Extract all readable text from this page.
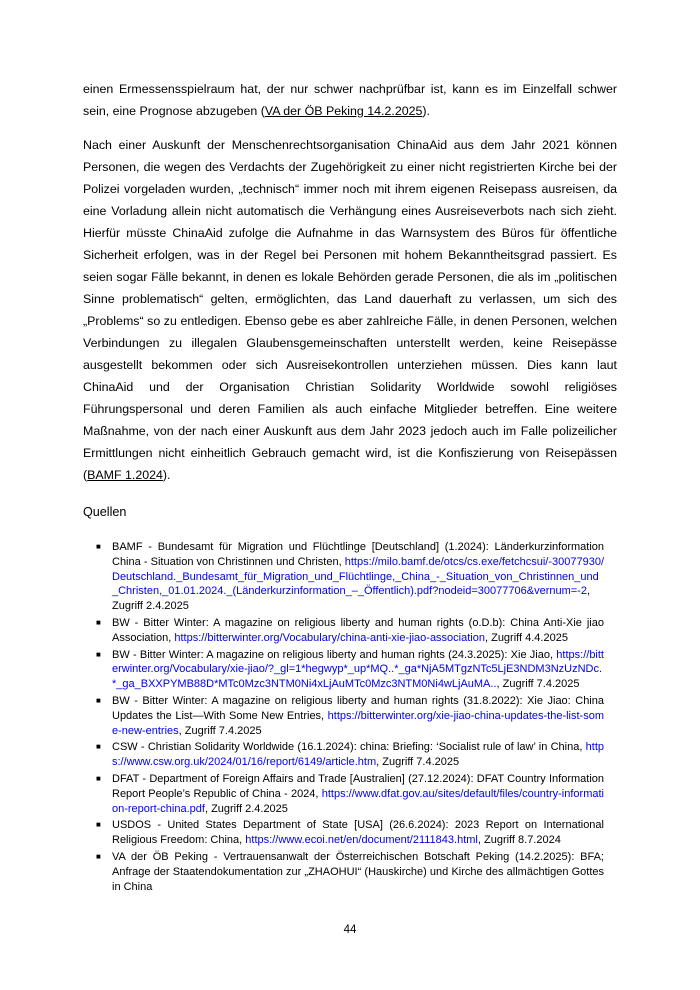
einen Ermessensspielraum hat, der nur schwer nachprüfbar ist, kann es im Einzelfall schwer sein, eine Prognose abzugeben (VA der ÖB Peking 14.2.2025).
Nach einer Auskunft der Menschenrechtsorganisation ChinaAid aus dem Jahr 2021 können Personen, die wegen des Verdachts der Zugehörigkeit zu einer nicht registrierten Kirche bei der Polizei vorgeladen wurden, „technisch“ immer noch mit ihrem eigenen Reisepass ausreisen, da eine Vorladung allein nicht automatisch die Verhängung eines Ausreiseverbots nach sich zieht. Hierfür müsste ChinaAid zufolge die Aufnahme in das Warnsystem des Büros für öffentliche Sicherheit erfolgen, was in der Regel bei Personen mit hohem Bekanntheitsgrad passiert. Es seien sogar Fälle bekannt, in denen es lokale Behörden gerade Personen, die als im „politischen Sinne problematisch“ gelten, ermöglichten, das Land dauerhaft zu verlassen, um sich des „Problems“ so zu entledigen. Ebenso gebe es aber zahlreiche Fälle, in denen Personen, welchen Verbindungen zu illegalen Glaubensgemeinschaften unterstellt werden, keine Reisepässe ausgestellt bekommen oder sich Ausreisekontrollen unterziehen müssen. Dies kann laut ChinaAid und der Organisation Christian Solidarity Worldwide sowohl religiöses Führungspersonal und deren Familien als auch einfache Mitglieder betreffen. Eine weitere Maßnahme, von der nach einer Auskunft aus dem Jahr 2023 jedoch auch im Falle polizeilicher Ermittlungen nicht einheitlich Gebrauch gemacht wird, ist die Konfiszierung von Reisepässen (BAMF 1.2024).
Quellen
■ BAMF - Bundesamt für Migration und Flüchtlinge [Deutschland] (1.2024): Länderkurzinformation China - Situation von Christinnen und Christen, https://milo.bamf.de/otcs/cs.exe/fetchcsui/-30077930/Deutschland._Bundesamt_für_Migration_und_Flüchtlinge,_China_-_Situation_von_Christinnen_und_Christen,_01.01.2024._(Länderkurzinformation_–_Öffentlich).pdf?nodeid=30077706&vernum=-2, Zugriff 2.4.2025
■ BW - Bitter Winter: A magazine on religious liberty and human rights (o.D.b): China Anti-Xie jiao Association, https://bitterwinter.org/Vocabulary/china-anti-xie-jiao-association, Zugriff 4.4.2025
■ BW - Bitter Winter: A magazine on religious liberty and human rights (24.3.2025): Xie Jiao, https://bitterwinter.org/Vocabulary/xie-jiao/?_gl=1*hegwyp*_up*MQ..*_ga*NjA5MTgzNTc5LjE3NDM3NzUzNDc.*_ga_BXXPYMB88D*MTc0Mzc3NTM0Ni4xLjAuMTc0Mzc3NTM0Ni4wLjAuMA.., Zugriff 7.4.2025
■ BW - Bitter Winter: A magazine on religious liberty and human rights (31.8.2022): Xie Jiao: China Updates the List—With Some New Entries, https://bitterwinter.org/xie-jiao-china-updates-the-list-some-new-entries, Zugriff 7.4.2025
■ CSW - Christian Solidarity Worldwide (16.1.2024): china: Briefing: ‘Socialist rule of law’ in China, https://www.csw.org.uk/2024/01/16/report/6149/article.htm, Zugriff 7.4.2025
■ DFAT - Department of Foreign Affairs and Trade [Australien] (27.12.2024): DFAT Country Information Report People’s Republic of China - 2024, https://www.dfat.gov.au/sites/default/files/country-information-report-china.pdf, Zugriff 2.4.2025
■ USDOS - United States Department of State [USA] (26.6.2024): 2023 Report on International Religious Freedom: China, https://www.ecoi.net/en/document/2111843.html, Zugriff 8.7.2024
■ VA der ÖB Peking - Vertrauensanwalt der Österreichischen Botschaft Peking (14.2.2025): BFA; Anfrage der Staatendokumentation zur „ZHAOHUI“ (Hauskirche) und Kirche des allmächtigen Gottes in China
44
